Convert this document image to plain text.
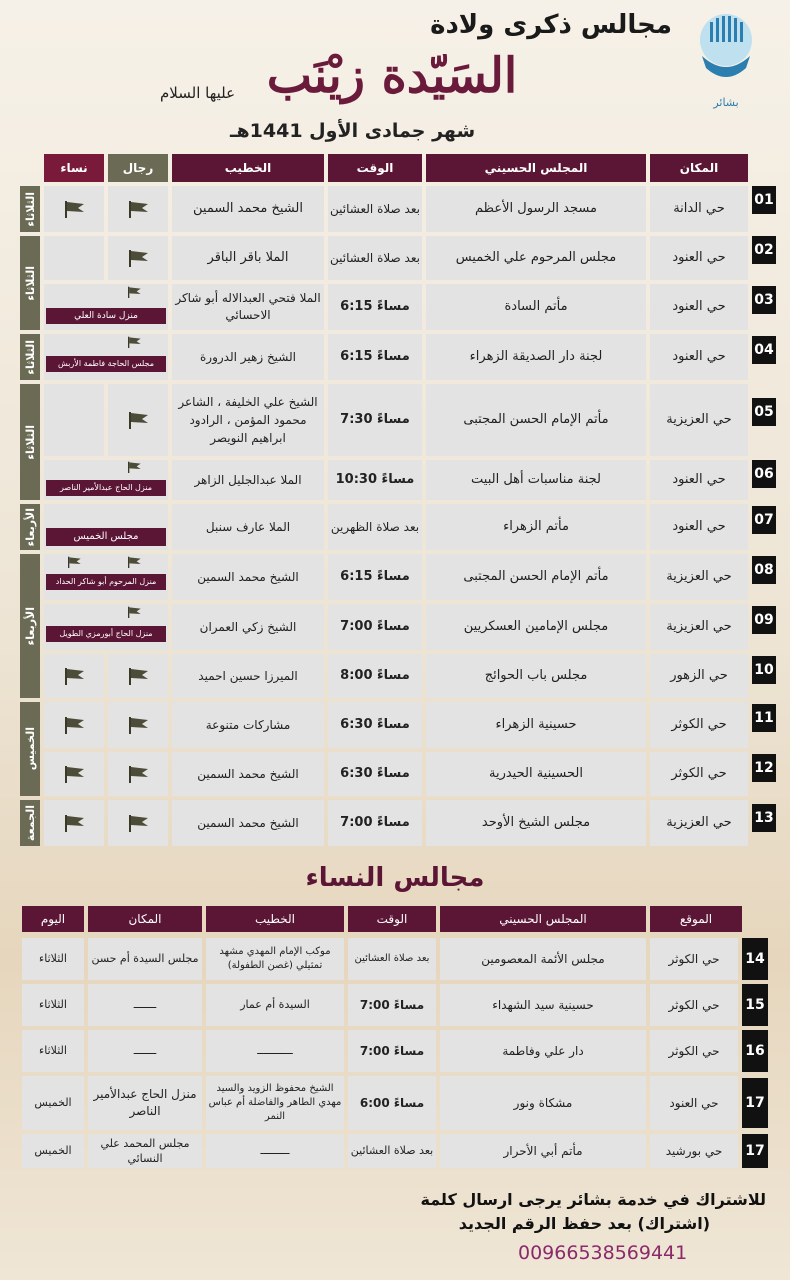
بشائر
مجالس ذكرى ولادة
السَيّدة زيْنَب
عليها السلام
شهر جمادى الأول 1441هـ
المكان
المجلس الحسيني
الوقت
الخطيب
رجال
نساء
01
حي الدانة
مسجد الرسول الأعظم
بعد صلاة العشائين
الشيخ محمد السمين
02
حي العنود
مجلس المرحوم علي الخميس
بعد صلاة العشائين
الملا باقر الباقر
03
حي العنود
مأتم السادة
6:15 مساءً
الملا فتحي العبدالاله أبو شاكر الاحسائي
منزل سادة العلي
04
حي العنود
لجنة دار الصديقة الزهراء
6:15 مساءً
الشيخ زهير الدرورة
مجلس الحاجة فاطمة الأربش
05
حي العزيزية
مأتم الإمام الحسن المجتبى
7:30 مساءً
الشيخ علي الخليفة ، الشاعر محمود المؤمن ، الرادود ابراهيم النويصر
06
حي العنود
لجنة مناسبات أهل البيت
10:30 مساءً
الملا عبدالجليل الزاهر
منزل الحاج عبدالأمير الناصر
07
حي العنود
مأتم الزهراء
بعد صلاة الظهرين
الملا عارف سنبل
مجلس الخميس
08
حي العزيزية
مأتم الإمام الحسن المجتبى
6:15 مساءً
الشيخ محمد السمين
منزل المرحوم أبو شاكر الحداد
09
حي العزيزية
مجلس الإمامين العسكريين
7:00 مساءً
الشيخ زكي العمران
منزل الحاج أبورمزي الطويل
10
حي الزهور
مجلس باب الحوائج
8:00 مساءً
الميرزا حسين احميد
11
حي الكوثر
حسينية الزهراء
6:30 مساءً
مشاركات متنوعة
12
حي الكوثر
الحسينية الحيدرية
6:30 مساءً
الشيخ محمد السمين
13
حي العزيزية
مجلس الشيخ الأوحد
7:00 مساءً
الشيخ محمد السمين
الثلاثاء
الثلاثاء
الثلاثاء
الثلاثاء
الأربعاء
الأربعاء
الخميس
الجمعة
مجالس النساء
الموقع
المجلس الحسيني
الوقت
الخطيب
المكان
اليوم
14
حي الكوثر
مجلس الأئمة المعصومين
بعد صلاة العشائين
موكب الإمام المهدي مشهد تمثيلي (غصن الطفولة)
مجلس السيدة أم حسن
الثلاثاء
15
حي الكوثر
حسينية سيد الشهداء
7:00 مساءً
السيدة أم عمار
ـــــــ
الثلاثاء
16
حي الكوثر
دار علي وفاطمة
7:00 مساءً
ـــــــــــ
ـــــــ
الثلاثاء
17
حي العنود
مشكاة ونور
6:00 مساءً
الشيخ محفوظ الزويد والسيد مهدي الطاهر والفاضلة أم عباس النمر
منزل الحاج عبدالأمير الناصر
الخميس
17
حي بورشيد
مأتم أبي الأحرار
بعد صلاة العشائين
ـــــــــ
مجلس المحمد علي النسائي
الخميس
للاشتراك في خدمة بشائر يرجى ارسال كلمة
(اشتراك) بعد حفظ الرقم الجديد
00966538569441
